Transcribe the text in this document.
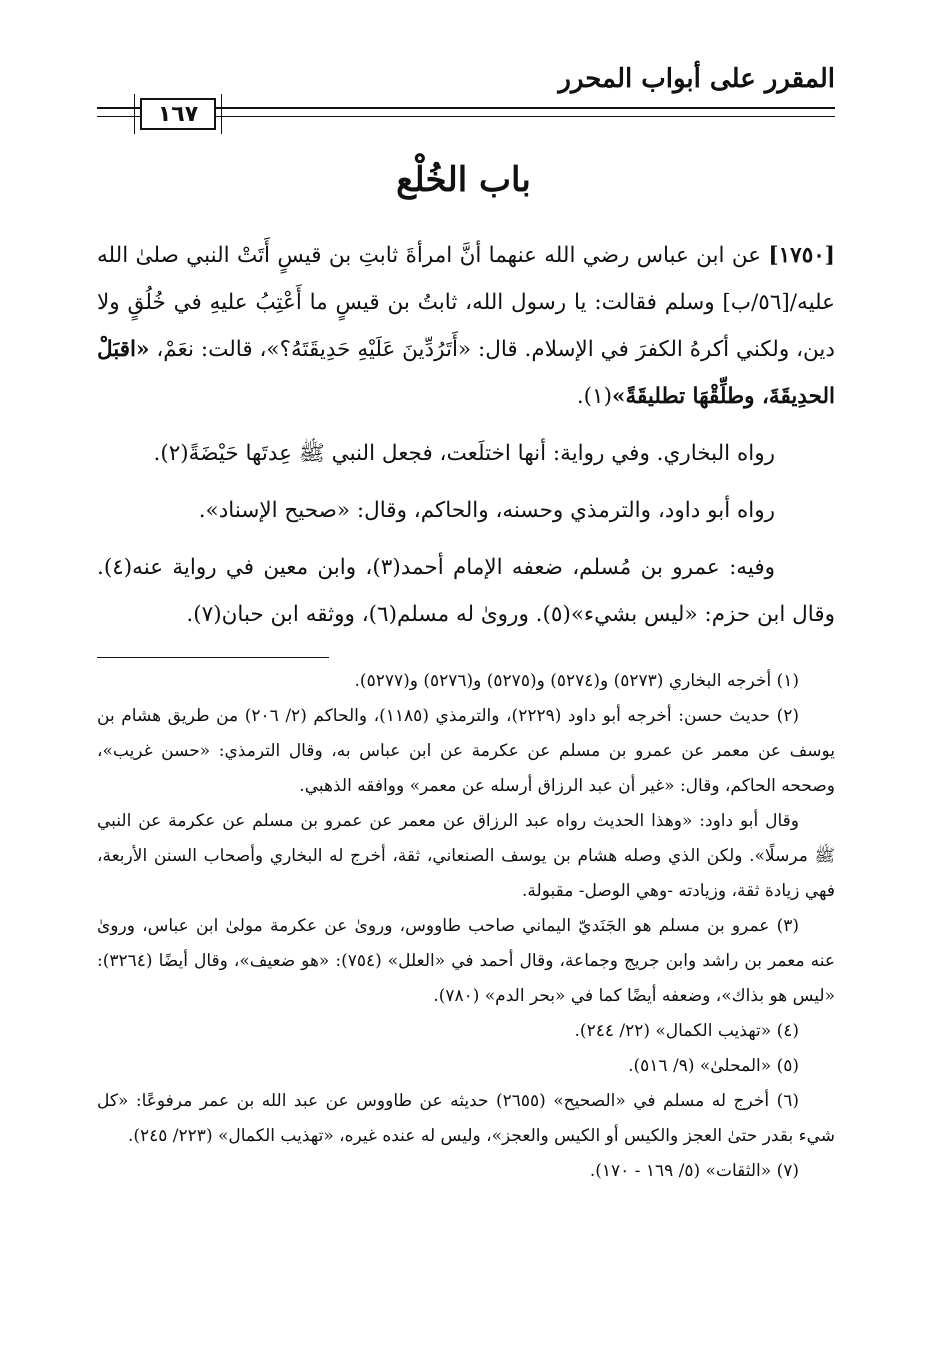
المقرر على أبواب المحرر
١٦٧
باب الخُلْع

[١٧٥٠] عن ابن عباس رضي الله عنهما أنَّ امرأةَ ثابتِ بن قيسٍ أَتَتْ النبي صلىٰ الله عليه/[٥٦/ب] وسلم فقالت: يا رسول الله، ثابتُ بن قيسٍ ما أَعْتِبُ عليهِ في خُلُقٍ ولا دين، ولكني أكرهُ الكفرَ في الإسلام. قال: «أَتَرُدِّينَ عَلَيْهِ حَدِيقَتَهُ؟»، قالت: نعَمْ، «اقبَلْ الحدِيقَةَ، وطلِّقْهَا تطليقَةً»(١).

رواه البخاري. وفي رواية: أنها اختلَعت، فجعل النبي ﷺ عِدتَها حَيْضَةً(٢).

رواه أبو داود، والترمذي وحسنه، والحاكم، وقال: «صحيح الإسناد».

وفيه: عمرو بن مُسلم، ضعفه الإمام أحمد(٣)، وابن معين في رواية عنه(٤). وقال ابن حزم: «ليس بشيء»(٥). وروىٰ له مسلم(٦)، ووثقه ابن حبان(٧).

(١) أخرجه البخاري (٥٢٧٣) و(٥٢٧٤) و(٥٢٧٥) و(٥٢٧٦) و(٥٢٧٧).

(٢) حديث حسن: أخرجه أبو داود (٢٢٢٩)، والترمذي (١١٨٥)، والحاكم (٢/ ٢٠٦) من طريق هشام بن يوسف عن معمر عن عمرو بن مسلم عن عكرمة عن ابن عباس به، وقال الترمذي: «حسن غريب»، وصححه الحاكم، وقال: «غير أن عبد الرزاق أرسله عن معمر» ووافقه الذهبي.

وقال أبو داود: «وهذا الحديث رواه عبد الرزاق عن معمر عن عمرو بن مسلم عن عكرمة عن النبي ﷺ مرسلًا». ولكن الذي وصله هشام بن يوسف الصنعاني، ثقة، أخرج له البخاري وأصحاب السنن الأربعة، فهي زيادة ثقة، وزيادته -وهي الوصل- مقبولة.

(٣) عمرو بن مسلم هو الجَنَديّ اليماني صاحب طاووس، وروىٰ عن عكرمة مولىٰ ابن عباس، وروىٰ عنه معمر بن راشد وابن جريج وجماعة، وقال أحمد في «العلل» (٧٥٤): «هو ضعيف»، وقال أيضًا (٣٢٦٤): «ليس هو بذاك»، وضعفه أيضًا كما في «بحر الدم» (٧٨٠).

(٤) «تهذيب الكمال» (٢٢/ ٢٤٤).

(٥) «المحلىٰ» (٩/ ٥١٦).

(٦) أخرج له مسلم في «الصحيح» (٢٦٥٥) حديثه عن طاووس عن عبد الله بن عمر مرفوعًا: «كل شيء بقدر حتىٰ العجز والكيس أو الكيس والعجز»، وليس له عنده غيره، «تهذيب الكمال» (٢٢٣/ ٢٤٥).

(٧) «الثقات» (٥/ ١٦٩ - ١٧٠).
